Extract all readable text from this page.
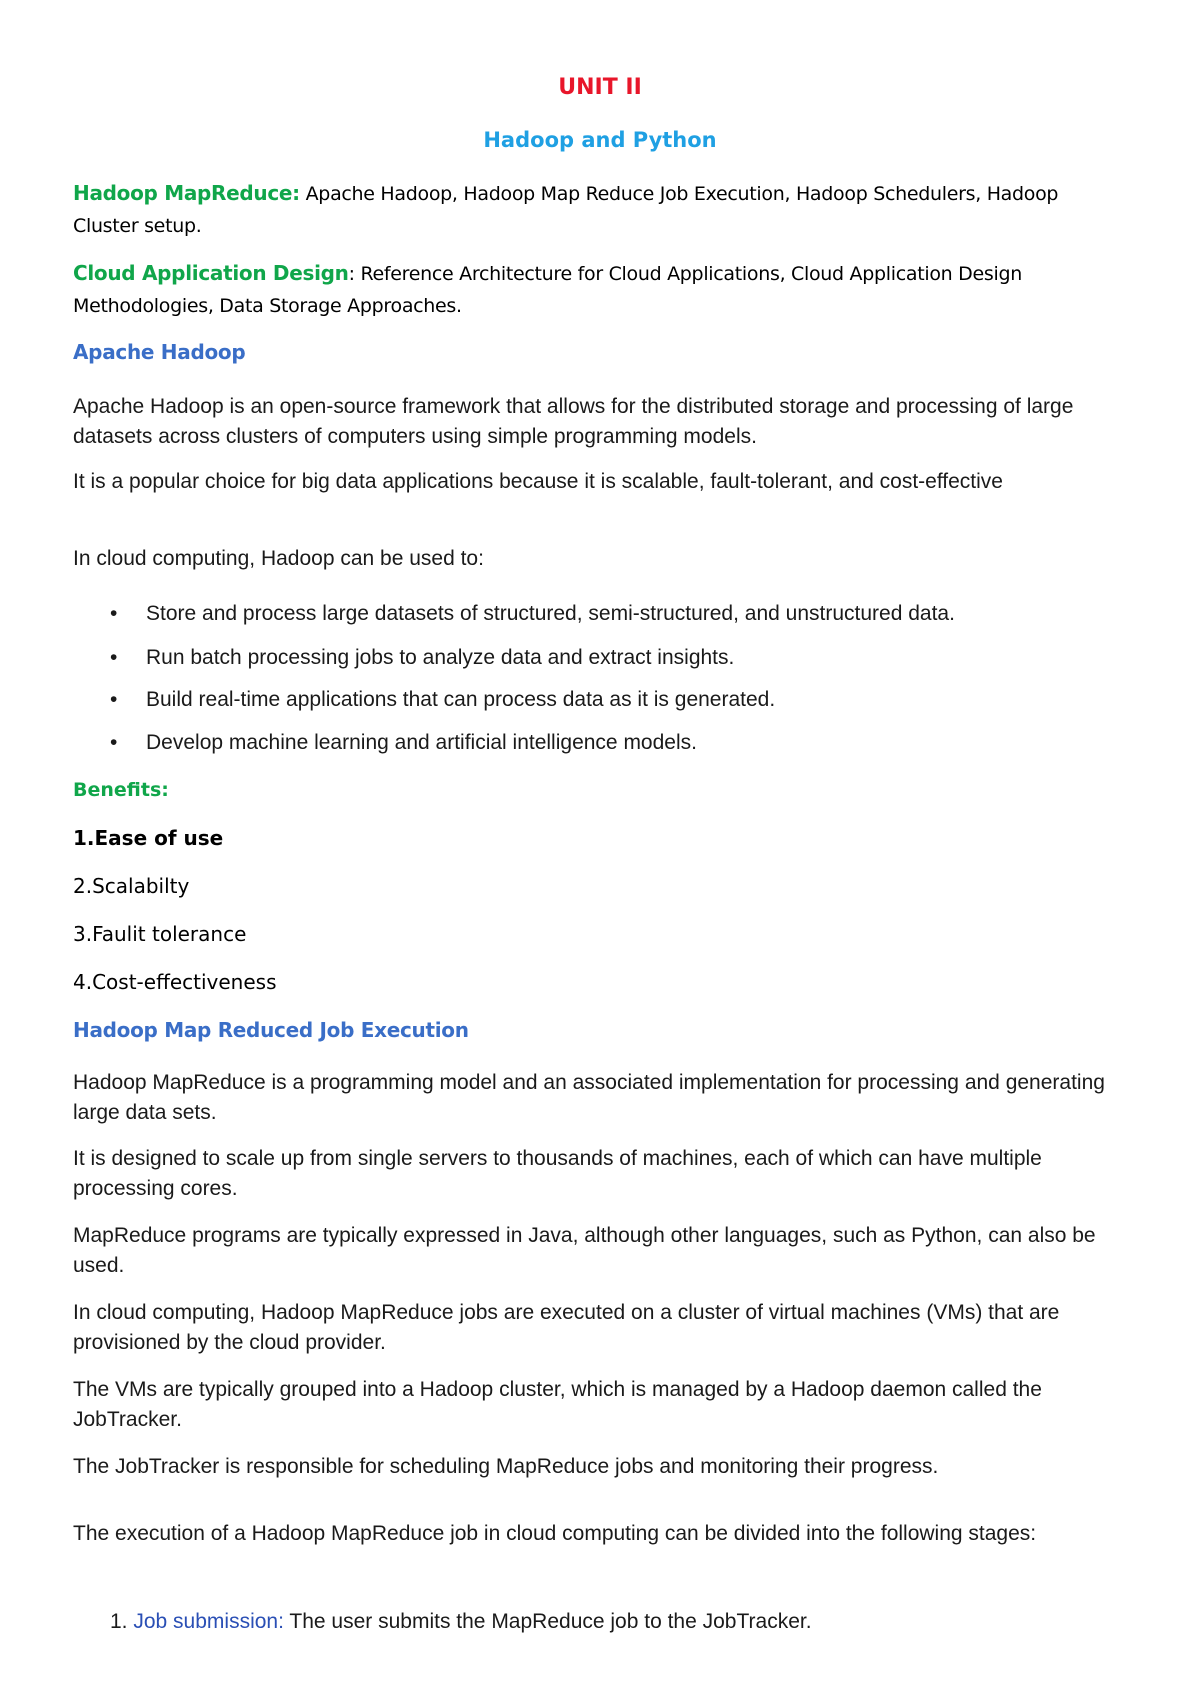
UNIT II
Hadoop and Python
Hadoop MapReduce: Apache Hadoop, Hadoop Map Reduce Job Execution, Hadoop Schedulers, Hadoop
Cluster setup.
Cloud Application Design: Reference Architecture for Cloud Applications, Cloud Application Design
Methodologies, Data Storage Approaches.
Apache Hadoop
Apache Hadoop is an open-source framework that allows for the distributed storage and processing of large datasets across clusters of computers using simple programming models.
It is a popular choice for big data applications because it is scalable, fault-tolerant, and cost-effective
In cloud computing, Hadoop can be used to:
•	Store and process large datasets of structured, semi-structured, and unstructured data.
•	Run batch processing jobs to analyze data and extract insights.
•	Build real-time applications that can process data as it is generated.
•	Develop machine learning and artificial intelligence models.
Benefits:
1.Ease of use
2.Scalabilty
3.Faulit tolerance
4.Cost-effectiveness
Hadoop Map Reduced Job Execution
Hadoop MapReduce is a programming model and an associated implementation for processing and generating large data sets.
It is designed to scale up from single servers to thousands of machines, each of which can have multiple processing cores.
MapReduce programs are typically expressed in Java, although other languages, such as Python, can also be used.
In cloud computing, Hadoop MapReduce jobs are executed on a cluster of virtual machines (VMs) that are provisioned by the cloud provider.
The VMs are typically grouped into a Hadoop cluster, which is managed by a Hadoop daemon called the JobTracker.
The JobTracker is responsible for scheduling MapReduce jobs and monitoring their progress.
The execution of a Hadoop MapReduce job in cloud computing can be divided into the following stages:
1. Job submission: The user submits the MapReduce job to the JobTracker.
